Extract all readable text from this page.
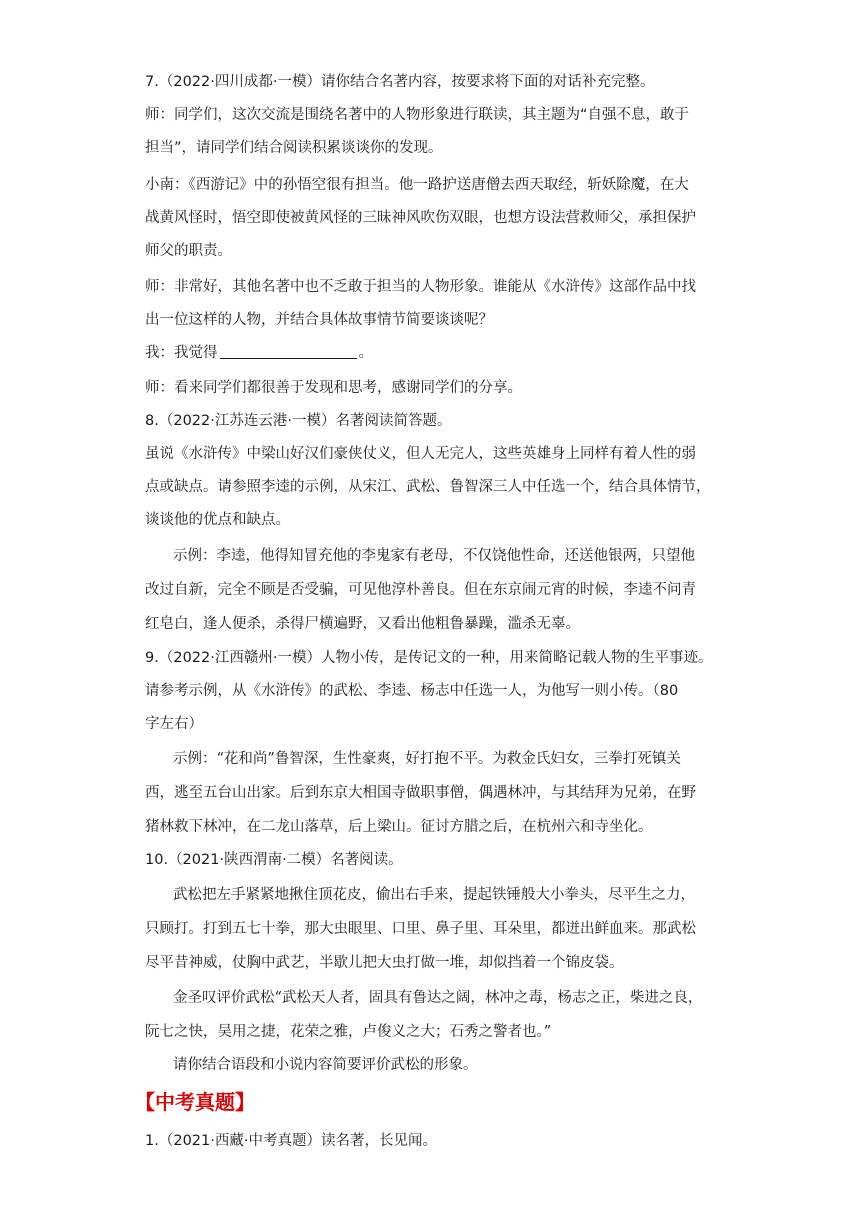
7.（2022·四川成都·一模）请你结合名著内容，按要求将下面的对话补充完整。
师：同学们，这次交流是围绕名著中的人物形象进行联读，其主题为“自强不息，敢于
担当”，请同学们结合阅读积累谈谈你的发现。
小南：《西游记》中的孙悟空很有担当。他一路护送唐僧去西天取经，斩妖除魔，在大
战黄风怪时，悟空即使被黄风怪的三昧神风吹伤双眼，也想方设法营救师父，承担保护
师父的职责。
师：非常好，其他名著中也不乏敢于担当的人物形象。谁能从《水浒传》这部作品中找
出一位这样的人物，并结合具体故事情节简要谈谈呢？
我：我觉得	。
师：看来同学们都很善于发现和思考，感谢同学们的分享。
8.（2022·江苏连云港·一模）名著阅读简答题。
虽说《水浒传》中梁山好汉们豪侠仗义，但人无完人，这些英雄身上同样有着人性的弱
点或缺点。请参照李逵的示例，从宋江、武松、鲁智深三人中任选一个，结合具体情节，
谈谈他的优点和缺点。
示例：李逵，他得知冒充他的李鬼家有老母，不仅饶他性命，还送他银两，只望他
改过自新，完全不顾是否受骗，可见他淳朴善良。但在东京闹元宵的时候，李逵不问青
红皂白，逢人便杀，杀得尸横遍野，又看出他粗鲁暴躁，滥杀无辜。
9.（2022·江西赣州·一模）人物小传，是传记文的一种，用来简略记载人物的生平事迹。
请参考示例，从《水浒传》的武松、李逵、杨志中任选一人，为他写一则小传。（80
字左右）
示例：“花和尚”鲁智深，生性豪爽，好打抱不平。为救金氏妇女，三拳打死镇关
西，逃至五台山出家。后到东京大相国寺做职事僧，偶遇林冲，与其结拜为兄弟，在野
猪林救下林冲，在二龙山落草，后上梁山。征讨方腊之后，在杭州六和寺坐化。
10.（2021·陕西渭南·二模）名著阅读。
武松把左手紧紧地揪住顶花皮，偷出右手来，提起铁锤般大小拳头，尽平生之力，
只顾打。打到五七十拳，那大虫眼里、口里、鼻子里、耳朵里，都迸出鲜血来。那武松
尽平昔神威，仗胸中武艺，半歇儿把大虫打做一堆，却似挡着一个锦皮袋。
金圣叹评价武松“武松天人者，固具有鲁达之阔，林冲之毒，杨志之正，柴进之良，
阮七之快，吴用之捷，花荣之雅，卢俊义之大；石秀之警者也。”
请你结合语段和小说内容简要评价武松的形象。
【中考真题】
1.（2021·西藏·中考真题）读名著，长见闻。
